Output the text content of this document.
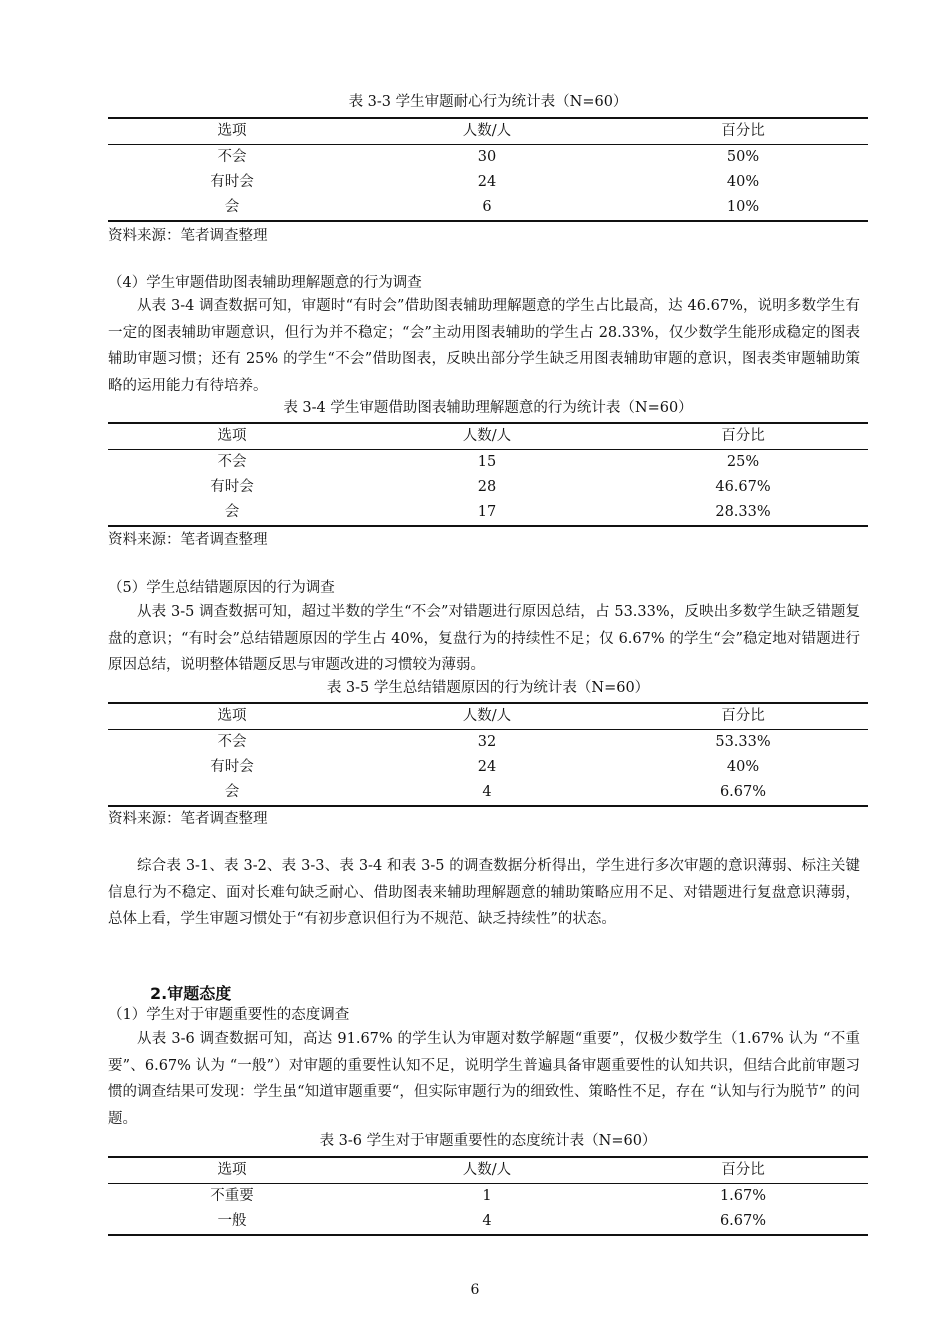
表 3-3 学生审题耐心行为统计表（N=60）
选项	人数/人	百分比
不会	30	50%
有时会	24	40%
会	6	10%
资料来源：笔者调查整理
（4）学生审题借助图表辅助理解题意的行为调查
从表 3-4 调查数据可知，审题时“有时会”借助图表辅助理解题意的学生占比最高，达 46.67%，说明多数学生有一定的图表辅助审题意识，但行为并不稳定；“会”主动用图表辅助的学生占 28.33%，仅少数学生能形成稳定的图表辅助审题习惯；还有 25% 的学生“不会”借助图表，反映出部分学生缺乏用图表辅助审题的意识，图表类审题辅助策略的运用能力有待培养。
表 3-4 学生审题借助图表辅助理解题意的行为统计表（N=60）
选项	人数/人	百分比
不会	15	25%
有时会	28	46.67%
会	17	28.33%
资料来源：笔者调查整理
（5）学生总结错题原因的行为调查
从表 3-5 调查数据可知，超过半数的学生“不会”对错题进行原因总结，占 53.33%，反映出多数学生缺乏错题复盘的意识；“有时会”总结错题原因的学生占 40%，复盘行为的持续性不足；仅 6.67% 的学生“会”稳定地对错题进行原因总结，说明整体错题反思与审题改进的习惯较为薄弱。
表 3-5 学生总结错题原因的行为统计表（N=60）
选项	人数/人	百分比
不会	32	53.33%
有时会	24	40%
会	4	6.67%
资料来源：笔者调查整理
综合表 3-1、表 3-2、表 3-3、表 3-4 和表 3-5 的调查数据分析得出，学生进行多次审题的意识薄弱、标注关键信息行为不稳定、面对长难句缺乏耐心、借助图表来辅助理解题意的辅助策略应用不足、对错题进行复盘意识薄弱，总体上看，学生审题习惯处于“有初步意识但行为不规范、缺乏持续性”的状态。
2.审题态度
（1）学生对于审题重要性的态度调查
从表 3-6 调查数据可知，高达 91.67% 的学生认为审题对数学解题“重要”，仅极少数学生（1.67% 认为 “不重要”、6.67% 认为 “一般”）对审题的重要性认知不足，说明学生普遍具备审题重要性的认知共识，但结合此前审题习惯的调查结果可发现：学生虽“知道审题重要“，但实际审题行为的细致性、策略性不足，存在 “认知与行为脱节” 的问题。
表 3-6 学生对于审题重要性的态度统计表（N=60）
选项	人数/人	百分比
不重要	1	1.67%
一般	4	6.67%
6
